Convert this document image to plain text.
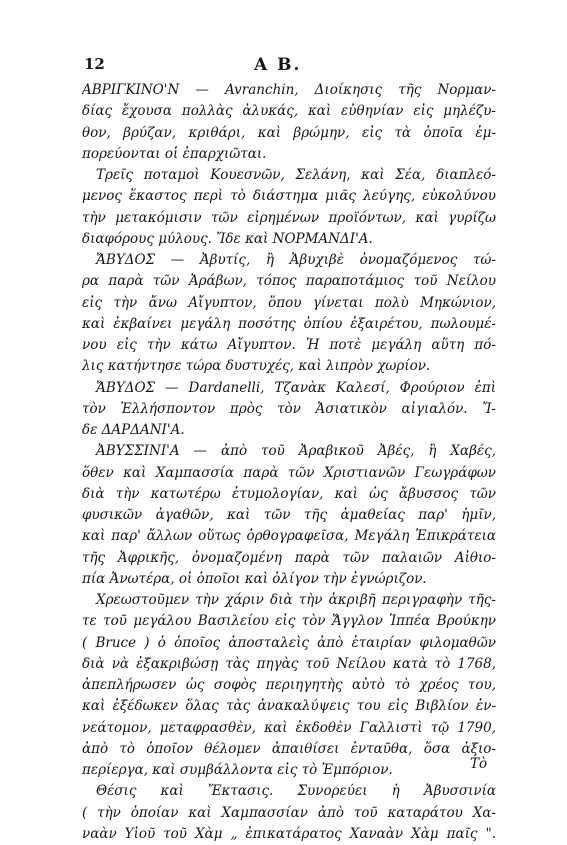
12	A B.
ΑΒΡΙΓΚΙΝΟ'Ν — Avranchin, Διοίκησις τῆς Νορμαν-
δίας ἔχουσα πολλὰς ἀλυκάς, καὶ εὐθηνίαν εἰς μηλέζυ-
θον, βρύζαν, κριθάρι, καὶ βρώμην, εἰς τὰ ὁποῖα ἐμ-
πορεύονται οἱ ἐπαρχιῶται.
Τρεῖς ποταμοὶ Κουεσνῶν, Σελάνη, καὶ Σέα, διαπλεό-
μενος ἕκαστος περὶ τὸ διάστημα μιᾶς λεύγης, εὐκολύνου
τὴν μετακόμισιν τῶν εἰρημένων προϊόντων, καὶ γυρίζω
διαφόρους μύλους. Ἴδε καὶ ΝΟΡΜΑΝΔΙ'Α.
ἌΒΥΔΟΣ — Ἀβυτίς, ἢ Ἀβυχιβὲ ὀνομαζόμενος τώ-
ρα παρὰ τῶν Ἀράβων, τόπος παραποτάμιος τοῦ Νείλου
εἰς τὴν ἄνω Αἴγυπτον, ὅπου γίνεται πολὺ Μηκώνιον,
καὶ ἐκβαίνει μεγάλη ποσότης ὀπίου ἐξαιρέτου, πωλουμέ-
νου εἰς τὴν κάτω Αἴγυπτον. Ἡ ποτὲ μεγάλη αὕτη πό-
λις κατήντησε τώρα δυστυχές, καὶ λιπρὸν χωρίον.
ἌΒΥΔΟΣ — Dardanelli, Τζανὰκ Καλεσί, Φρούριον ἐπὶ
τὸν Ἑλλήσποντον πρὸς τὸν Ἀσιατικὸν αἰγιαλόν. Ἴ-
δε ΔΑΡΔΑΝΙ'Α.
ἈΒΥΣΣΙΝΙ'Α — ἀπὸ τοῦ Ἀραβικοῦ Ἀβές, ἢ Χαβές,
ὅθεν καὶ Χαμπασσία παρὰ τῶν Χριστιανῶν Γεωγράφων
διὰ τὴν κατωτέρω ἐτυμολογίαν, καὶ ὡς ἄβυσσος τῶν
φυσικῶν ἀγαθῶν, καὶ τῶν τῆς ἀμαθείας παρ' ἡμῖν,
καὶ παρ' ἄλλων οὕτως ὀρθογραφεῖσα, Μεγάλη Ἐπικράτεια
τῆς Ἀφρικῆς, ὀνομαζομένη παρὰ τῶν παλαιῶν Αἰθιο-
πία Ἀνωτέρα, οἱ ὁποῖοι καὶ ὀλίγον τὴν ἐγνώριζον.
Χρεωστοῦμεν τὴν χάριν διὰ τὴν ἀκριβῆ περιγραφὴν τῆς-
τε τοῦ μεγάλου Βασιλείου εἰς τὸν Ἄγγλον Ἱππέα Βρούκην
( Bruce ) ὁ ὁποῖος ἀποσταλεὶς ἀπὸ ἑταιρίαν φιλομαθῶν
διὰ νὰ ἐξακριβώσῃ τὰς πηγὰς τοῦ Νείλου κατὰ τὸ 1768,
ἀπεπλήρωσεν ὡς σοφὸς περιηγητὴς αὐτὸ τὸ χρέος του,
καὶ ἐξέδωκεν ὅλας τὰς ἀνακαλύψεις του εἰς Βιβλίον ἐν-
νεάτομον, μεταφρασθὲν, καὶ ἐκδοθὲν Γαλλιστὶ τῷ 1790,
ἀπὸ τὸ ὁποῖον θέλομεν ἀπαιθίσει ἐνταῦθα, ὅσα ἀξιο-
περίεργα, καὶ συμβάλλοντα εἰς τὸ Ἐμπόριον.
Θέσις καὶ Ἔκτασις. Συνορεύει ἡ Ἀβυσσινία
( τὴν ὁποίαν καὶ Χαμπασσίαν ἀπὸ τοῦ καταράτου Χα-
ναὰν Υἱοῦ τοῦ Χὰμ „ ἐπικατάρατος Χαναὰν Χὰμ παῖς ".
Τὸ
